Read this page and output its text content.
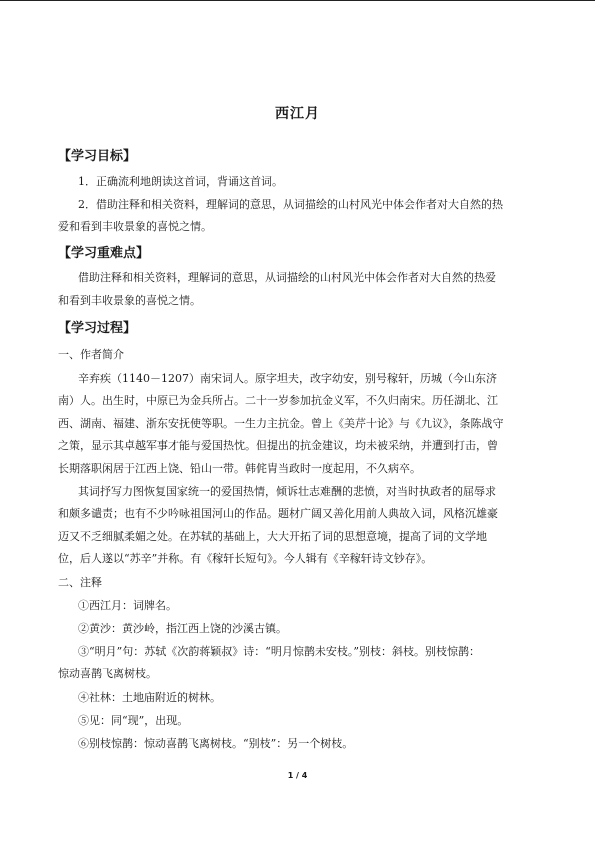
西江月
【学习目标】

1．正确流利地朗读这首词，背诵这首词。

2．借助注释和相关资料，理解词的意思，从词描绘的山村风光中体会作者对大自然的热

爱和看到丰收景象的喜悦之情。

【学习重难点】

借助注释和相关资料，理解词的意思，从词描绘的山村风光中体会作者对大自然的热爱

和看到丰收景象的喜悦之情。

【学习过程】

一、作者简介

辛弃疾（1140－1207）南宋词人。原字坦夫，改字幼安，别号稼轩，历城（今山东济

南）人。出生时，中原已为金兵所占。二十一岁参加抗金义军，不久归南宋。历任湖北、江

西、湖南、福建、浙东安抚使等职。一生力主抗金。曾上《美芹十论》与《九议》，条陈战守

之策，显示其卓越军事才能与爱国热忱。但提出的抗金建议，均未被采纳，并遭到打击，曾

长期落职闲居于江西上饶、铅山一带。韩侂胄当政时一度起用，不久病卒。

其词抒写力图恢复国家统一的爱国热情，倾诉壮志难酬的悲愤，对当时执政者的屈辱求

和颇多谴责；也有不少吟咏祖国河山的作品。题材广阔又善化用前人典故入词，风格沉雄豪

迈又不乏细腻柔媚之处。在苏轼的基础上，大大开拓了词的思想意境，提高了词的文学地

位，后人遂以“苏辛”并称。有《稼轩长短句》。今人辑有《辛稼轩诗文钞存》。

二、注释

①西江月：词牌名。

②黄沙：黄沙岭，指江西上饶的沙溪古镇。

③“明月”句：苏轼《次韵蒋颖叔》诗：“明月惊鹊未安枝。”别枝：斜枝。别枝惊鹊：

惊动喜鹊飞离树枝。

④社林：土地庙附近的树林。

⑤见：同“现”，出现。

⑥别枝惊鹊：惊动喜鹊飞离树枝。“别枝”：另一个树枝。

1 / 4
